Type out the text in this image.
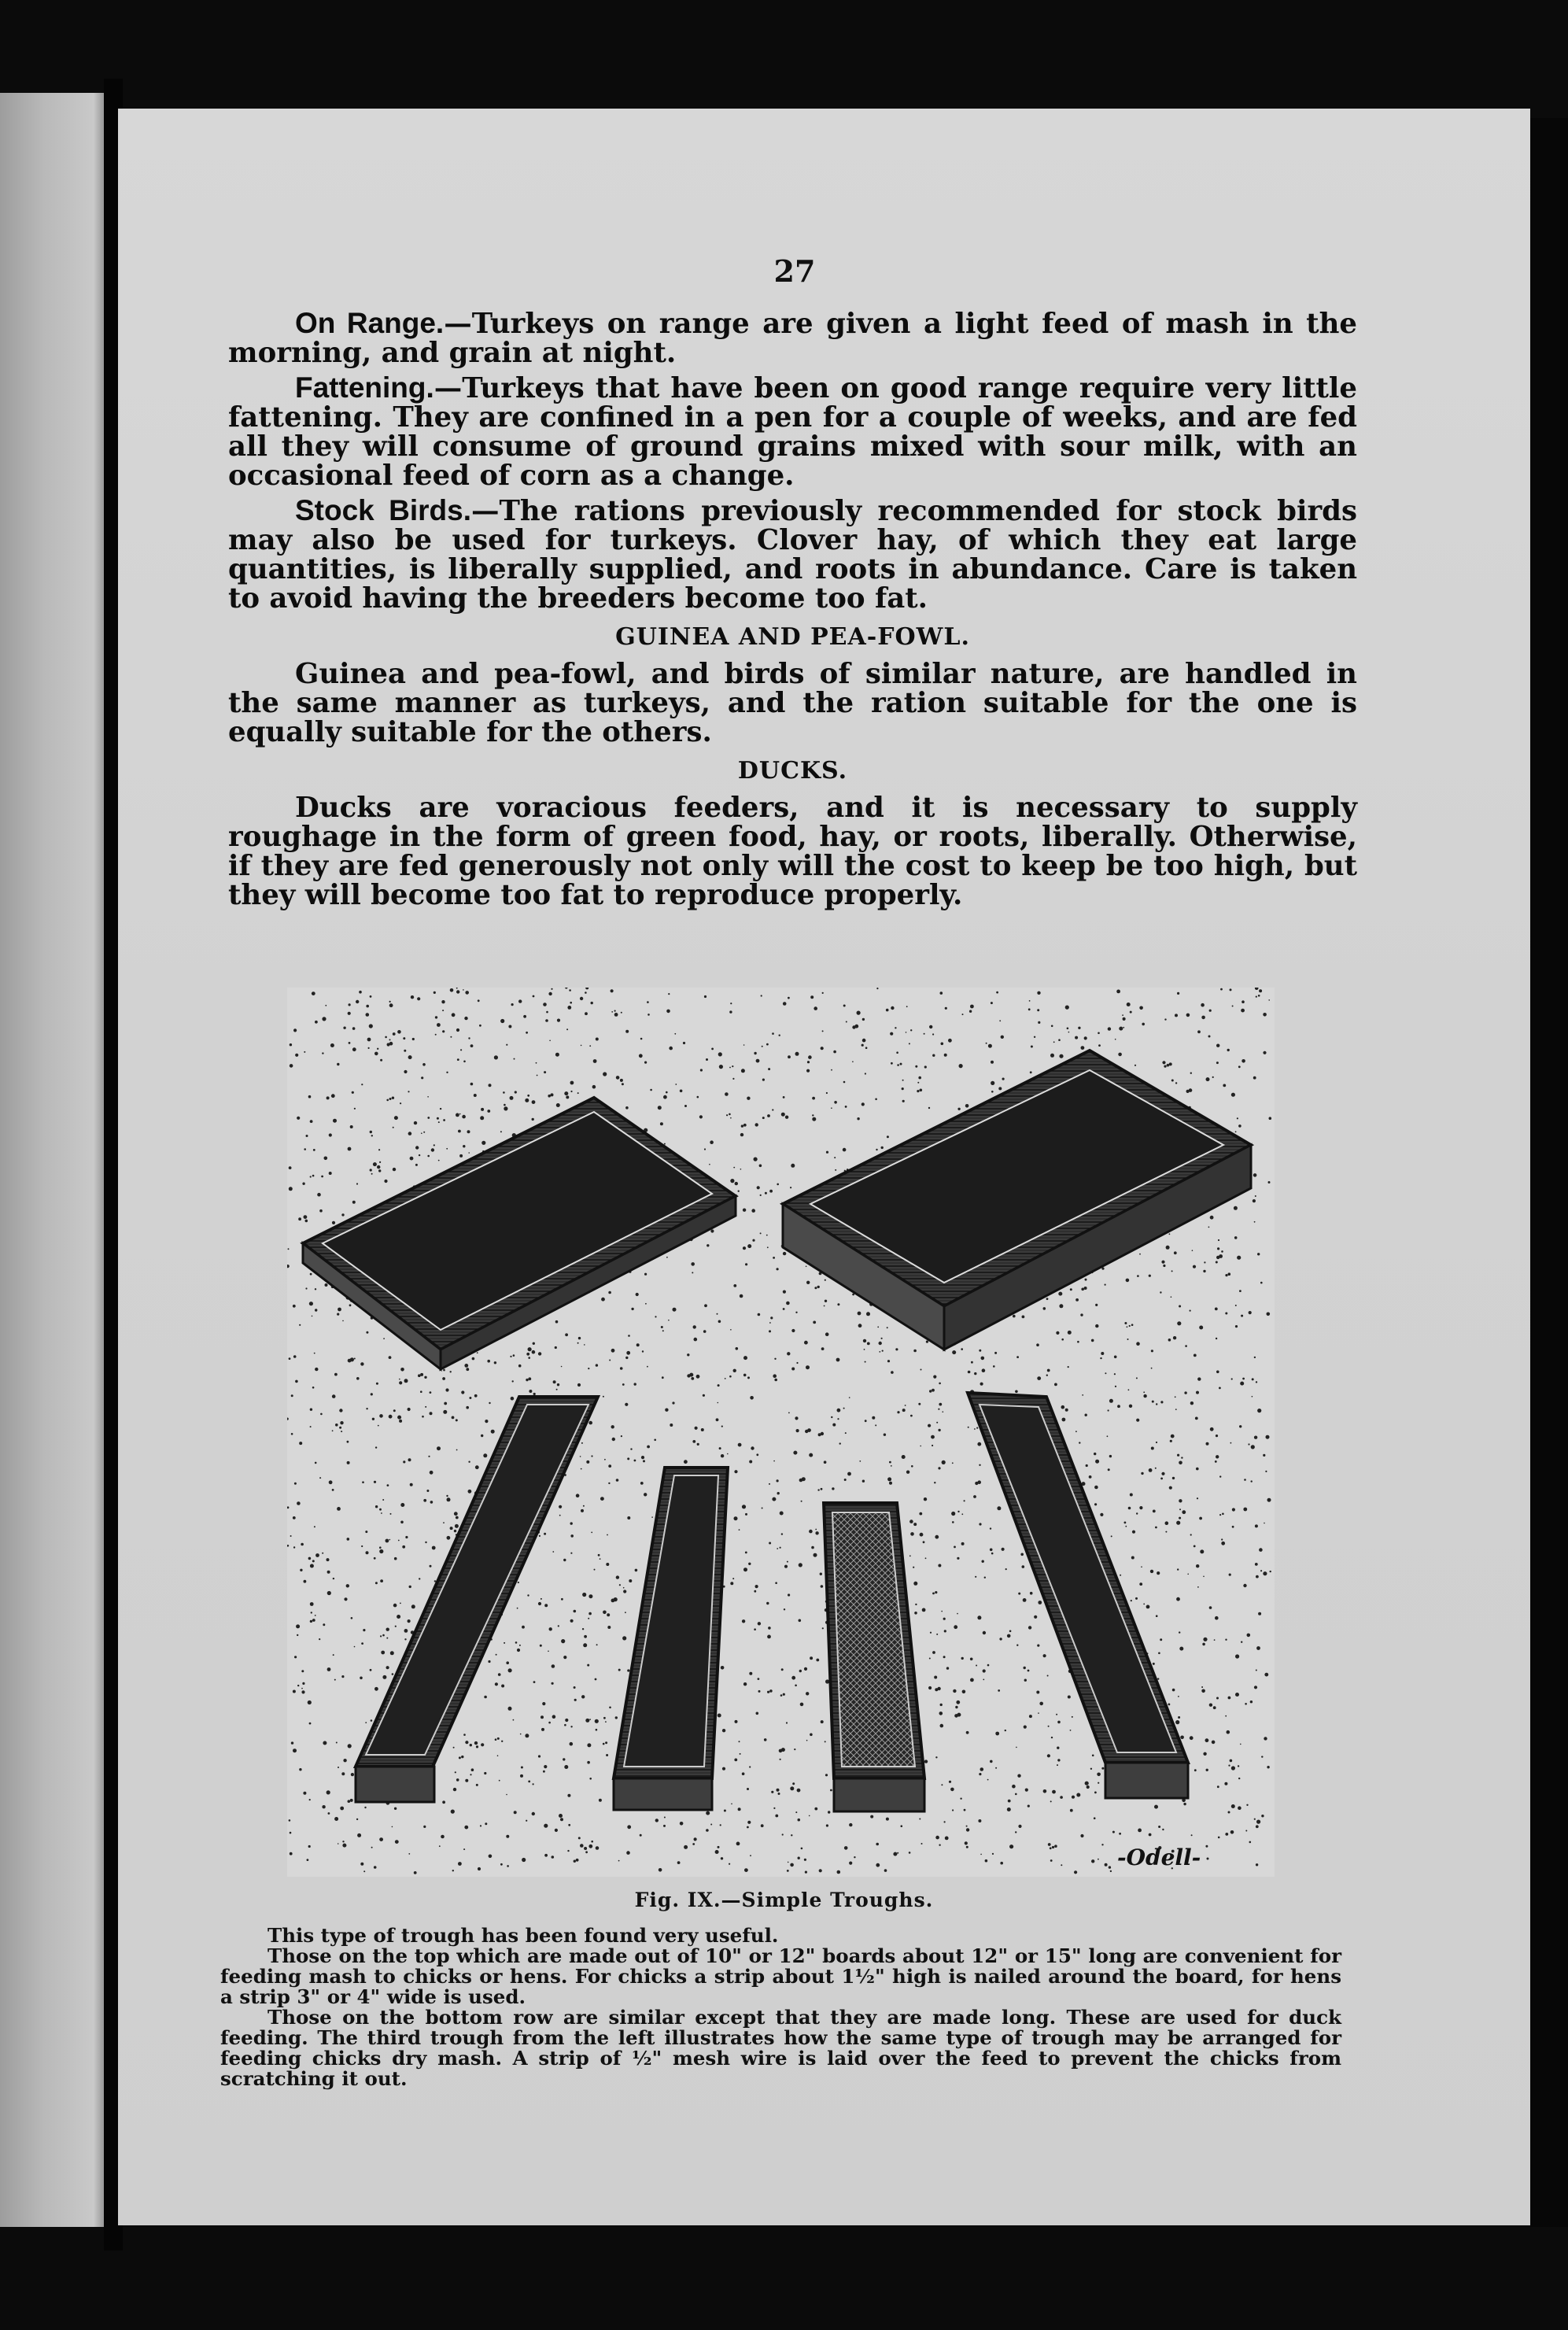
27

On Range.—Turkeys on range are given a light feed of mash in the morning, and grain at night.

Fattening.—Turkeys that have been on good range require very little fattening. They are confined in a pen for a couple of weeks, and are fed all they will consume of ground grains mixed with sour milk, with an occasional feed of corn as a change.

Stock Birds.—The rations previously recommended for stock birds may also be used for turkeys. Clover hay, of which they eat large quantities, is liberally supplied, and roots in abundance. Care is taken to avoid having the breeders become too fat.

GUINEA AND PEA-FOWL.

Guinea and pea-fowl, and birds of similar nature, are handled in the same manner as turkeys, and the ration suitable for the one is equally suitable for the others.

DUCKS.

Ducks are voracious feeders, and it is necessary to supply roughage in the form of green food, hay, or roots, liberally. Otherwise, if they are fed generously not only will the cost to keep be too high, but they will become too fat to reproduce properly.

-Odell-
Fig. IX.—Simple Troughs.

This type of trough has been found very useful.

Those on the top which are made out of 10" or 12" boards about 12" or 15" long are convenient for feeding mash to chicks or hens. For chicks a strip about 1½" high is nailed around the board, for hens a strip 3" or 4" wide is used.

Those on the bottom row are similar except that they are made long. These are used for duck feeding. The third trough from the left illustrates how the same type of trough may be arranged for feeding chicks dry mash. A strip of ½" mesh wire is laid over the feed to prevent the chicks from scratching it out.
